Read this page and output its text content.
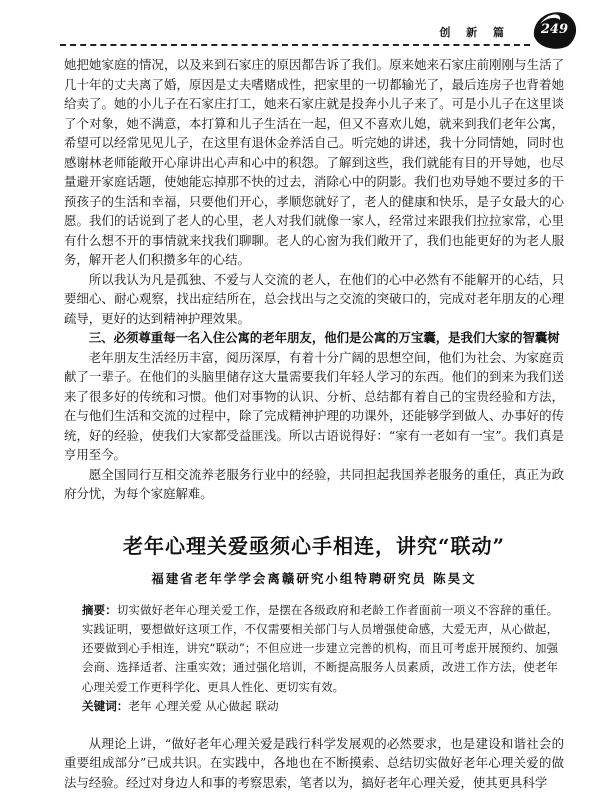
创 新 篇 249

她把她家庭的情况，以及来到石家庄的原因都告诉了我们。原来她来石家庄前刚刚与生活了几十年的丈夫离了婚，原因是丈夫嗜赌成性，把家里的一切都输光了，最后连房子也背着她给卖了。她的小儿子在石家庄打工，她来石家庄就是投奔小儿子来了。可是小儿子在这里谈了个对象，她不满意，本打算和儿子生活在一起，但又不喜欢儿媳，就来到我们老年公寓，希望可以经常见见儿子，在这里有退休金养活自己。听完她的讲述，我十分同情她，同时也感谢林老师能敞开心扉讲出心声和心中的积怨。了解到这些，我们就能有目的开导她，也尽量避开家庭话题，使她能忘掉那不快的过去，消除心中的阴影。我们也劝导她不要过多的干预孩子的生活和幸福，只要他们开心，孝顺您就好了，老人的健康和快乐，是子女最大的心愿。我们的话说到了老人的心里，老人对我们就像一家人，经常过来跟我们拉拉家常，心里有什么想不开的事情就来找我们聊聊。老人的心窗为我们敞开了，我们也能更好的为老人服务，解开老人们积攒多年的心结。

所以我认为凡是孤独、不爱与人交流的老人，在他们的心中必然有不能解开的心结，只要细心、耐心观察，找出症结所在，总会找出与之交流的突破口的，完成对老年朋友的心理疏导，更好的达到精神护理效果。

三、必须尊重每一名入住公寓的老年朋友，他们是公寓的万宝囊，是我们大家的智囊树

老年朋友生活经历丰富，阅历深厚，有着十分广阔的思想空间，他们为社会、为家庭贡献了一辈子。在他们的头脑里储存这大量需要我们年轻人学习的东西。他们的到来为我们送来了很多好的传统和习惯。他们对事物的认识、分析、总结都有着自己的宝贵经验和方法，在与他们生活和交流的过程中，除了完成精神护理的功课外，还能够学到做人、办事好的传统，好的经验，使我们大家都受益匪浅。所以古语说得好：“家有一老如有一宝”。我们真是亨用至今。

愿全国同行互相交流养老服务行业中的经验，共同担起我国养老服务的重任，真正为政府分忧，为每个家庭解难。

老年心理关爱亟须心手相连，讲究“联动”

福建省老年学学会离赣研究小组特聘研究员 陈昊文

摘要：切实做好老年心理关爱工作，是摆在各级政府和老龄工作者面前一项义不容辞的重任。实践证明，要想做好这项工作，不仅需要相关部门与人员增强使命感，大爱无声，从心做起，还要做到心手相连，讲究“联动”；不但应进一步建立完善的机构，而且可考虑开展预约、加强会商、选择适者、注重实效；通过强化培训，不断提高服务人员素质，改进工作方法，使老年心理关爱工作更科学化、更具人性化、更切实有效。

关键词：老年 心理关爱 从心做起 联动

从理论上讲，“做好老年心理关爱是践行科学发展观的必然要求，也是建设和谐社会的重要组成部分”已成共识。在实践中，各地也在不断摸索、总结切实做好老年心理关爱的做法与经验。经过对身边人和事的考察思索，笔者以为，搞好老年心理关爱，使其更具科学
